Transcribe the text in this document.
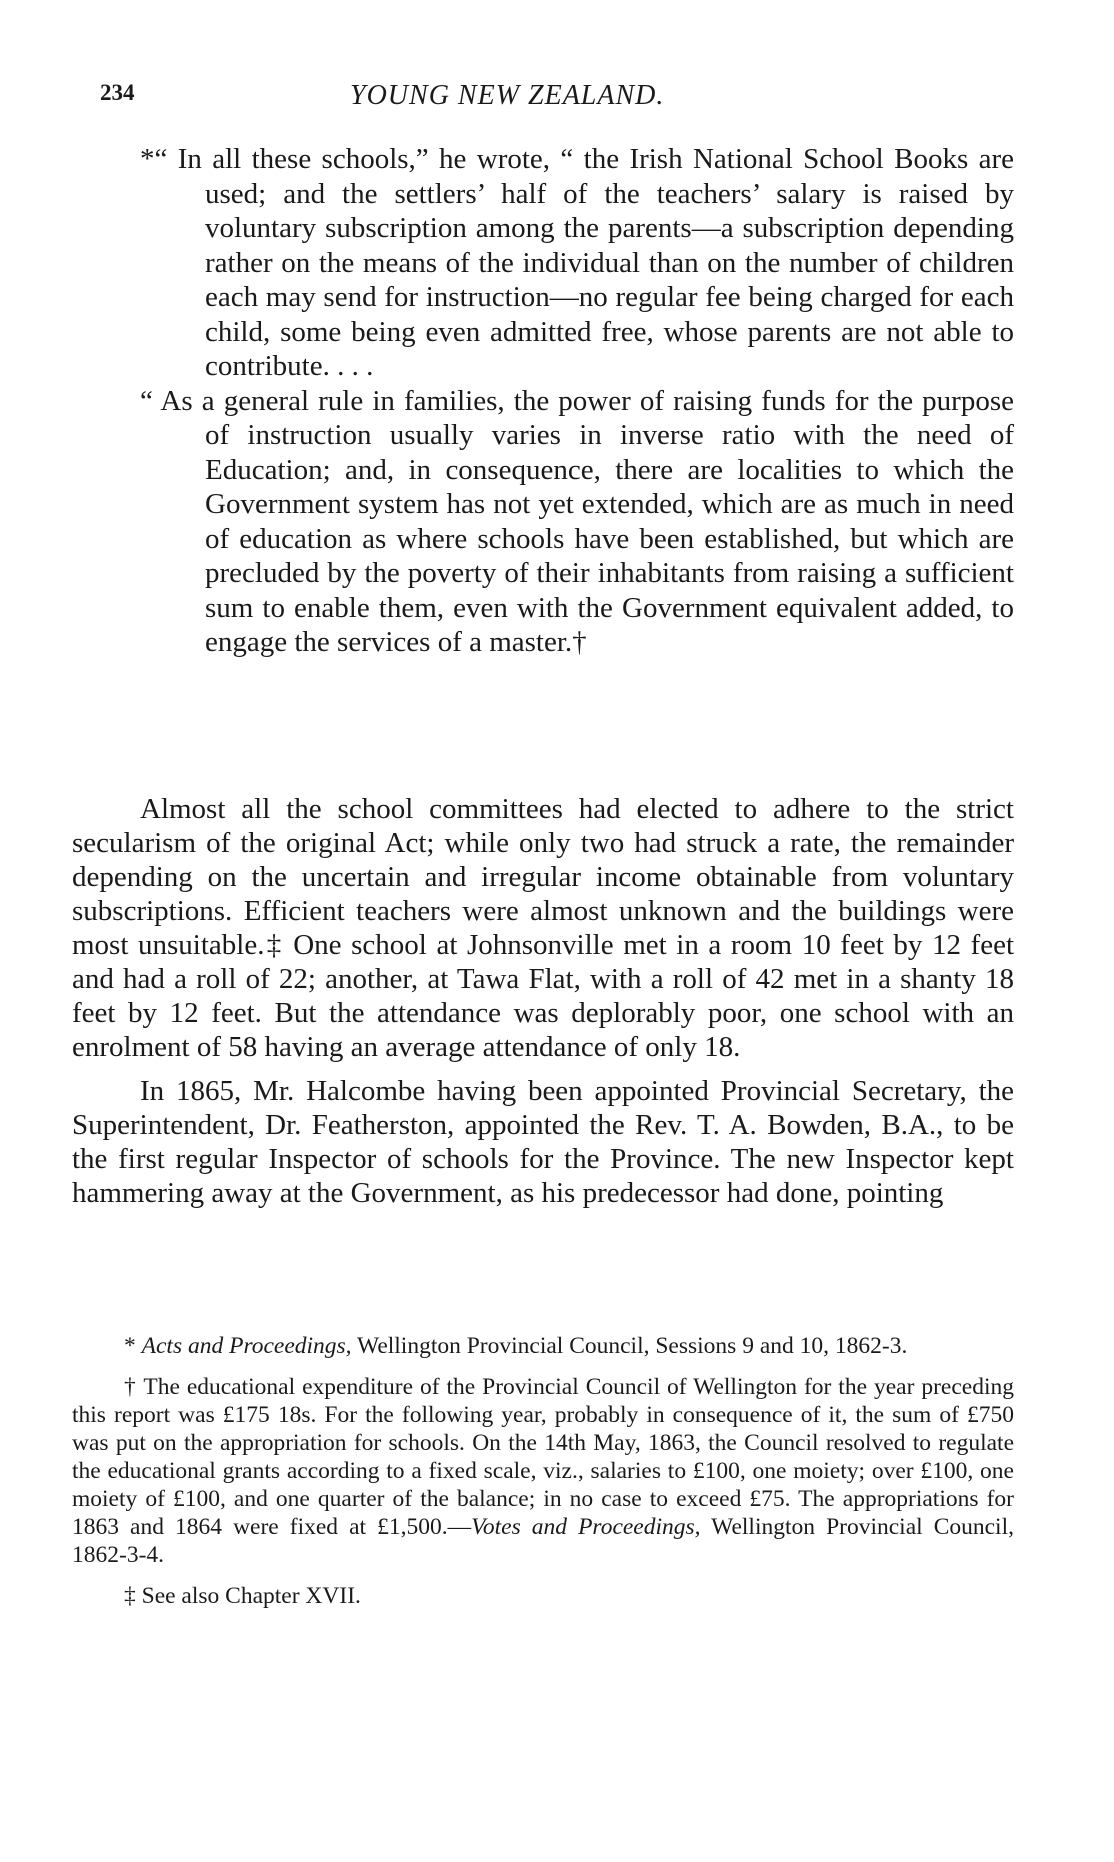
234	YOUNG NEW ZEALAND.

*“ In all these schools,” he wrote, “ the Irish National School Books are used; and the settlers’ half of the teachers’ salary is raised by voluntary subscription among the parents—a subscription depending rather on the means of the individual than on the number of children each may send for instruction—no regular fee being charged for each child, some being even admitted free, whose parents are not able to contribute. . . .

“ As a general rule in families, the power of raising funds for the purpose of instruction usually varies in inverse ratio with the need of Education; and, in consequence, there are localities to which the Government system has not yet extended, which are as much in need of education as where schools have been established, but which are precluded by the poverty of their inhabitants from raising a sufficient sum to enable them, even with the Government equivalent added, to engage the services of a master.†

Almost all the school committees had elected to adhere to the strict secularism of the original Act; while only two had struck a rate, the remainder depending on the uncertain and irregular income obtainable from voluntary subscriptions. Efficient teachers were almost unknown and the buildings were most unsuitable.‡ One school at Johnsonville met in a room 10 feet by 12 feet and had a roll of 22; another, at Tawa Flat, with a roll of 42 met in a shanty 18 feet by 12 feet. But the attendance was deplorably poor, one school with an enrolment of 58 having an average attendance of only 18.

In 1865, Mr. Halcombe having been appointed Provincial Secretary, the Superintendent, Dr. Featherston, appointed the Rev. T. A. Bowden, B.A., to be the first regular Inspector of schools for the Province. The new Inspector kept hammering away at the Government, as his predecessor had done, pointing

* Acts and Proceedings, Wellington Provincial Council, Sessions 9 and 10, 1862-3.

† The educational expenditure of the Provincial Council of Wellington for the year preceding this report was £175 18s. For the following year, probably in consequence of it, the sum of £750 was put on the appropriation for schools. On the 14th May, 1863, the Council resolved to regulate the educational grants according to a fixed scale, viz., salaries to £100, one moiety; over £100, one moiety of £100, and one quarter of the balance; in no case to exceed £75. The appropriations for 1863 and 1864 were fixed at £1,500.—Votes and Proceedings, Wellington Provincial Council, 1862-3-4.

‡ See also Chapter XVII.
